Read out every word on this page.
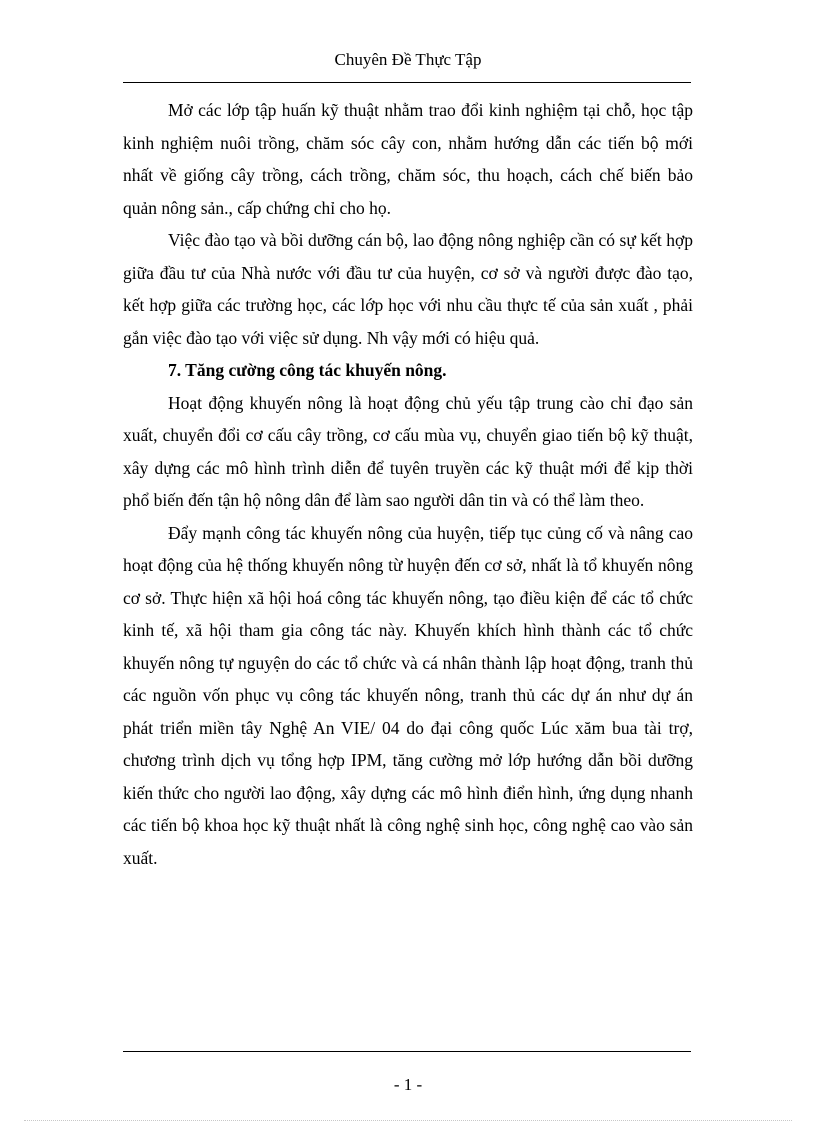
Chuyên Đề Thực Tập

Mở các lớp tập huấn kỹ thuật nhằm trao đổi kinh nghiệm tại chỗ, học tập kinh nghiệm nuôi trồng, chăm sóc cây con, nhằm hướng dẫn các tiến bộ mới nhất về giống cây trồng, cách trồng, chăm sóc, thu hoạch, cách chế biến bảo quản nông sản., cấp chứng chỉ cho họ.

Việc đào tạo và bồi dưỡng cán bộ, lao động nông nghiệp cần có sự kết hợp giữa đầu tư của Nhà nước với đầu tư của huyện, cơ sở và người được đào tạo, kết hợp giữa các trường học, các lớp học với nhu cầu thực tế của sản xuất , phải gắn việc đào tạo với việc sử dụng. Nh vậy mới có hiệu quả.

7. Tăng cường công tác khuyến nông.

Hoạt động khuyến nông là hoạt động chủ yếu tập trung cào chỉ đạo sản xuất, chuyển đổi cơ cấu cây trồng, cơ cấu mùa vụ, chuyển giao tiến bộ kỹ thuật, xây dựng các mô hình trình diễn để tuyên truyền các kỹ thuật mới để kịp thời phổ biến đến tận hộ nông dân để làm sao người dân tin và có thể làm theo.

Đẩy mạnh công tác khuyến nông của huyện, tiếp tục củng cố và nâng cao hoạt động của hệ thống khuyến nông từ huyện đến cơ sở, nhất là tổ khuyến nông cơ sở. Thực hiện xã hội hoá công tác khuyến nông, tạo điều kiện để các tổ chức kinh tế, xã hội tham gia công tác này. Khuyến khích hình thành các tổ chức khuyến nông tự nguyện do các tổ chức và cá nhân thành lập hoạt động, tranh thủ các nguồn vốn phục vụ công tác khuyến nông, tranh thủ các dự án như dự án phát triển miền tây Nghệ An VIE/ 04 do đại công quốc Lúc xăm bua tài trợ, chương trình dịch vụ tổng hợp IPM, tăng cường mở lớp hướng dẫn bồi dưỡng kiến thức cho người lao động, xây dựng các mô hình điển hình, ứng dụng nhanh các tiến bộ khoa học kỹ thuật nhất là công nghệ sinh học, công nghệ cao vào sản xuất.

- 1 -
